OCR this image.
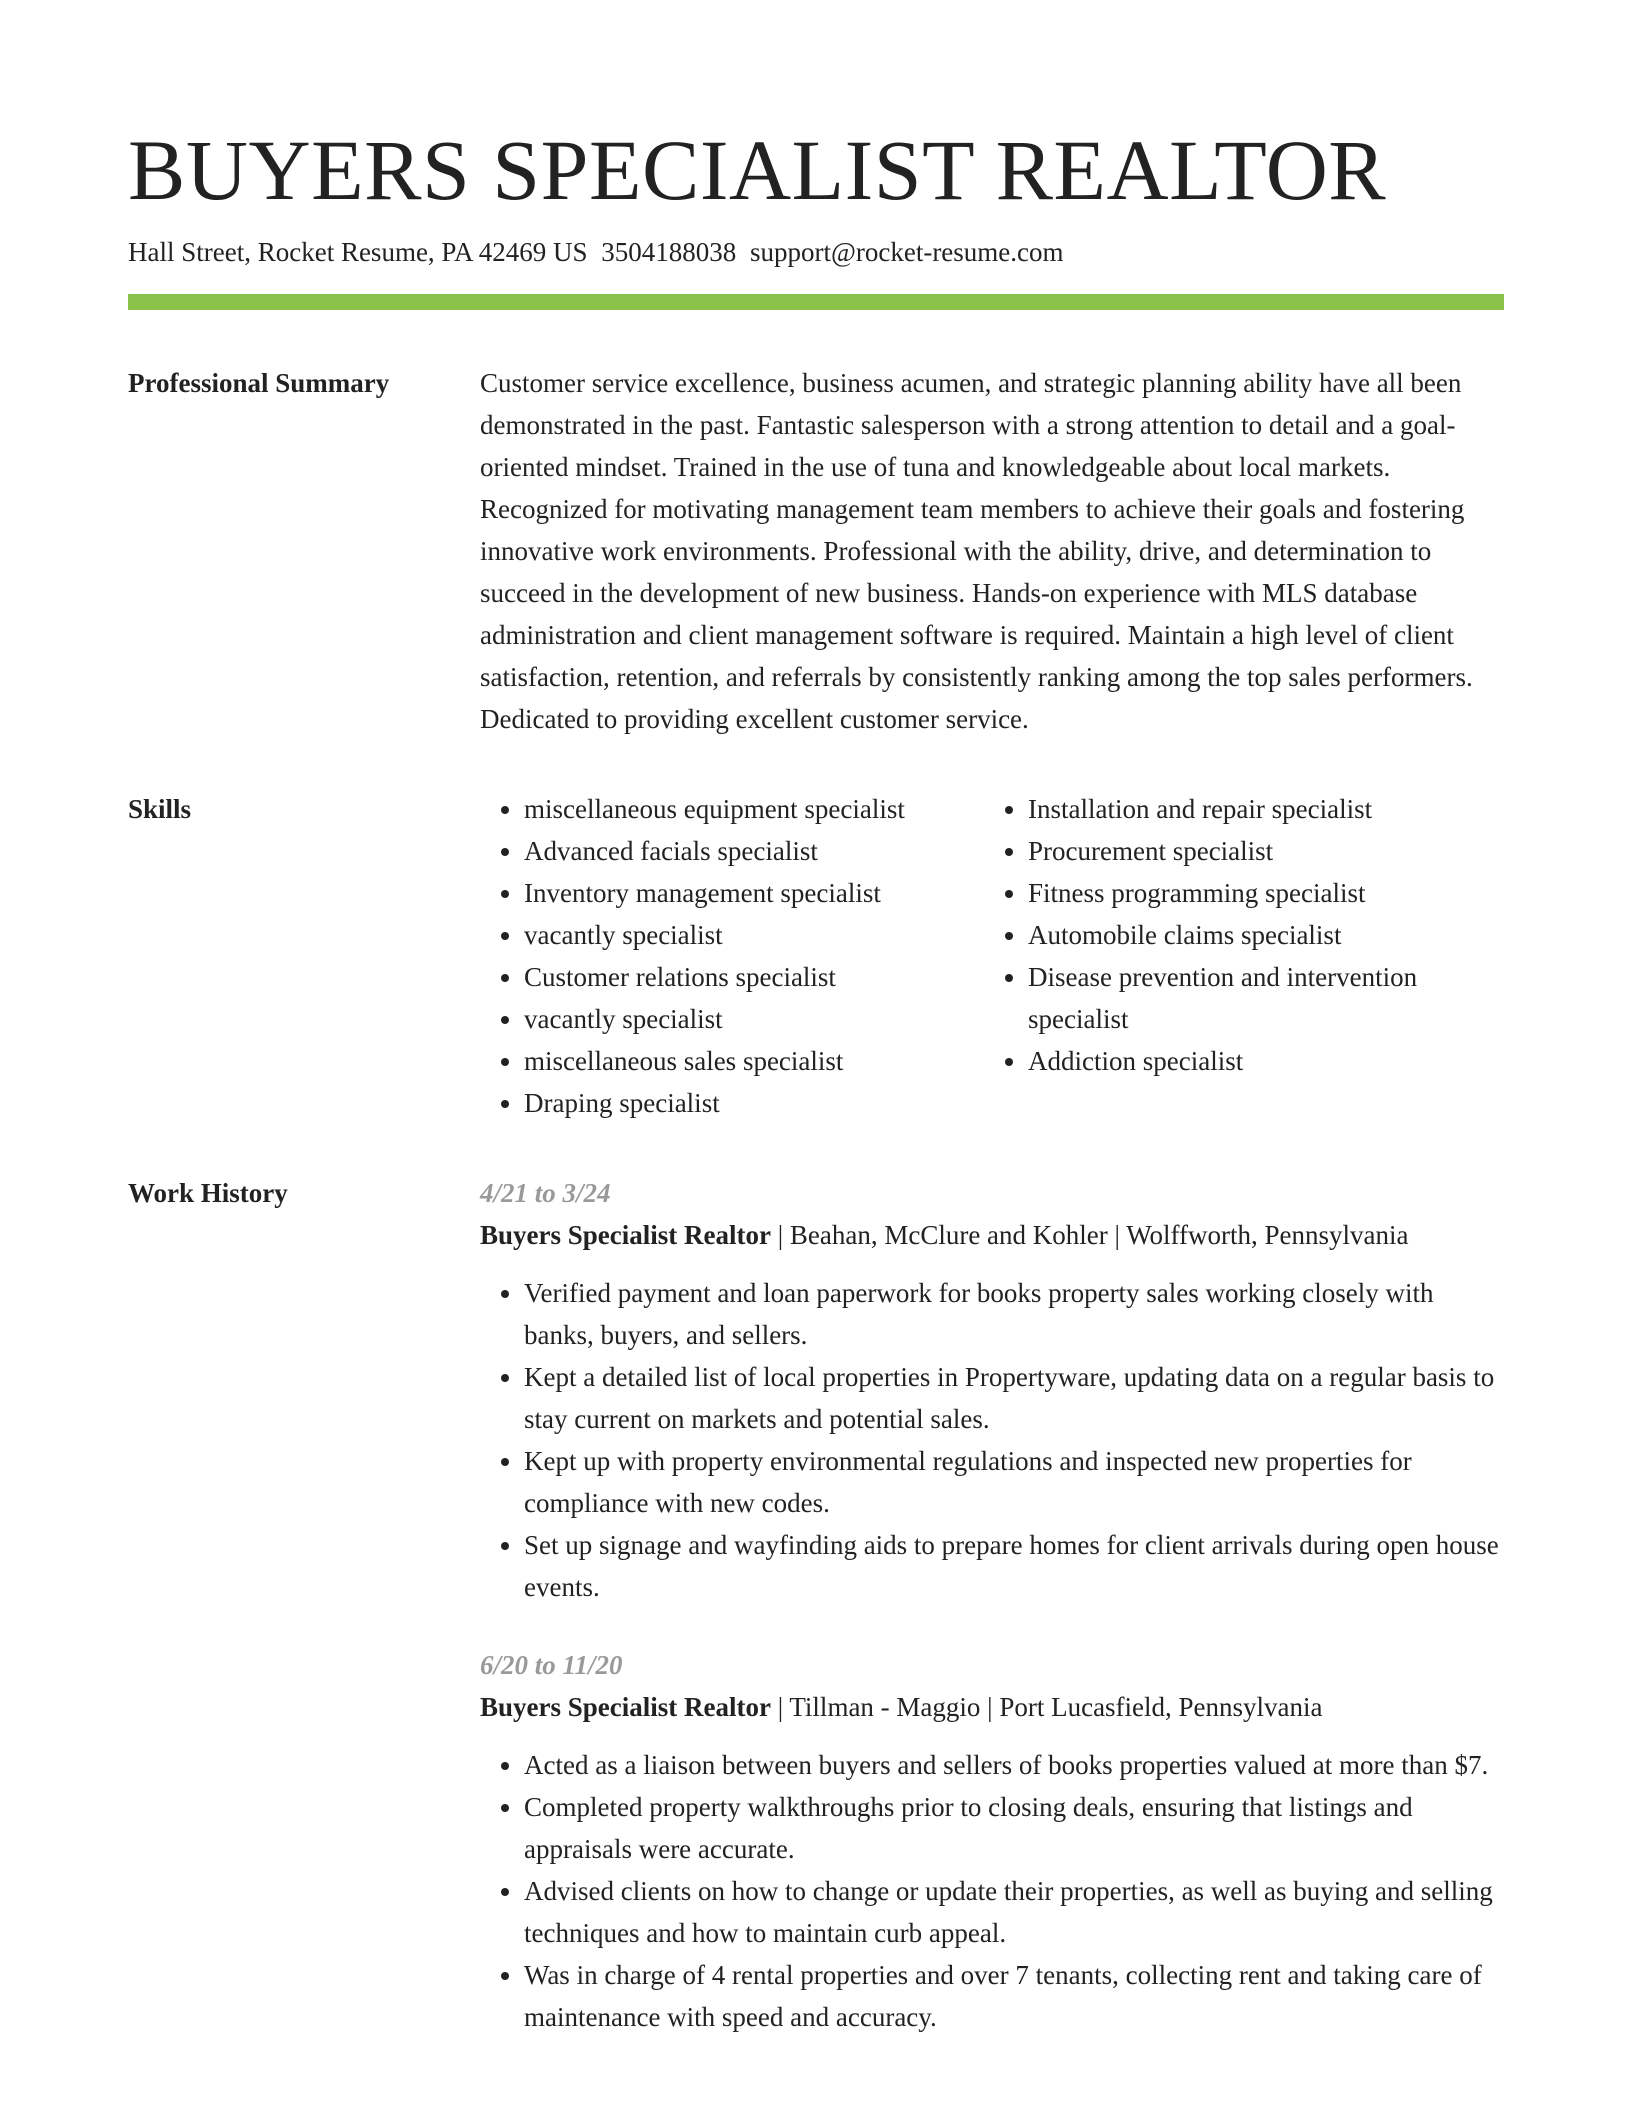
BUYERS SPECIALIST REALTOR
Hall Street, Rocket Resume, PA 42469 US 3504188038 support@rocket-resume.com
Professional Summary	Customer service excellence, business acumen, and strategic planning ability have all been demonstrated in the past. Fantastic salesperson with a strong attention to detail and a goal-oriented mindset. Trained in the use of tuna and knowledgeable about local markets. Recognized for motivating management team members to achieve their goals and fostering innovative work environments. Professional with the ability, drive, and determination to succeed in the development of new business. Hands-on experience with MLS database administration and client management software is required. Maintain a high level of client satisfaction, retention, and referrals by consistently ranking among the top sales performers. Dedicated to providing excellent customer service.

Skills
•	miscellaneous equipment specialist
• Advanced facials specialist
• Inventory management specialist
• vacantly specialist
• Customer relations specialist
• vacantly specialist
• miscellaneous sales specialist
• Draping specialist
• Installation and repair specialist
• Procurement specialist
• Fitness programming specialist
• Automobile claims specialist
• Disease prevention and intervention specialist
• Addiction specialist
Work History	4/21 to 3/24
Buyers Specialist Realtor | Beahan, McClure and Kohler | Wolffworth, Pennsylvania
• Verified payment and loan paperwork for books property sales working closely with banks, buyers, and sellers.
• Kept a detailed list of local properties in Propertyware, updating data on a regular basis to stay current on markets and potential sales.
• Kept up with property environmental regulations and inspected new properties for compliance with new codes.
• Set up signage and wayfinding aids to prepare homes for client arrivals during open house events.
6/20 to 11/20
Buyers Specialist Realtor | Tillman - Maggio | Port Lucasfield, Pennsylvania
• Acted as a liaison between buyers and sellers of books properties valued at more than $7.
• Completed property walkthroughs prior to closing deals, ensuring that listings and appraisals were accurate.
• Advised clients on how to change or update their properties, as well as buying and selling techniques and how to maintain curb appeal.
• Was in charge of 4 rental properties and over 7 tenants, collecting rent and taking care of maintenance with speed and accuracy.
